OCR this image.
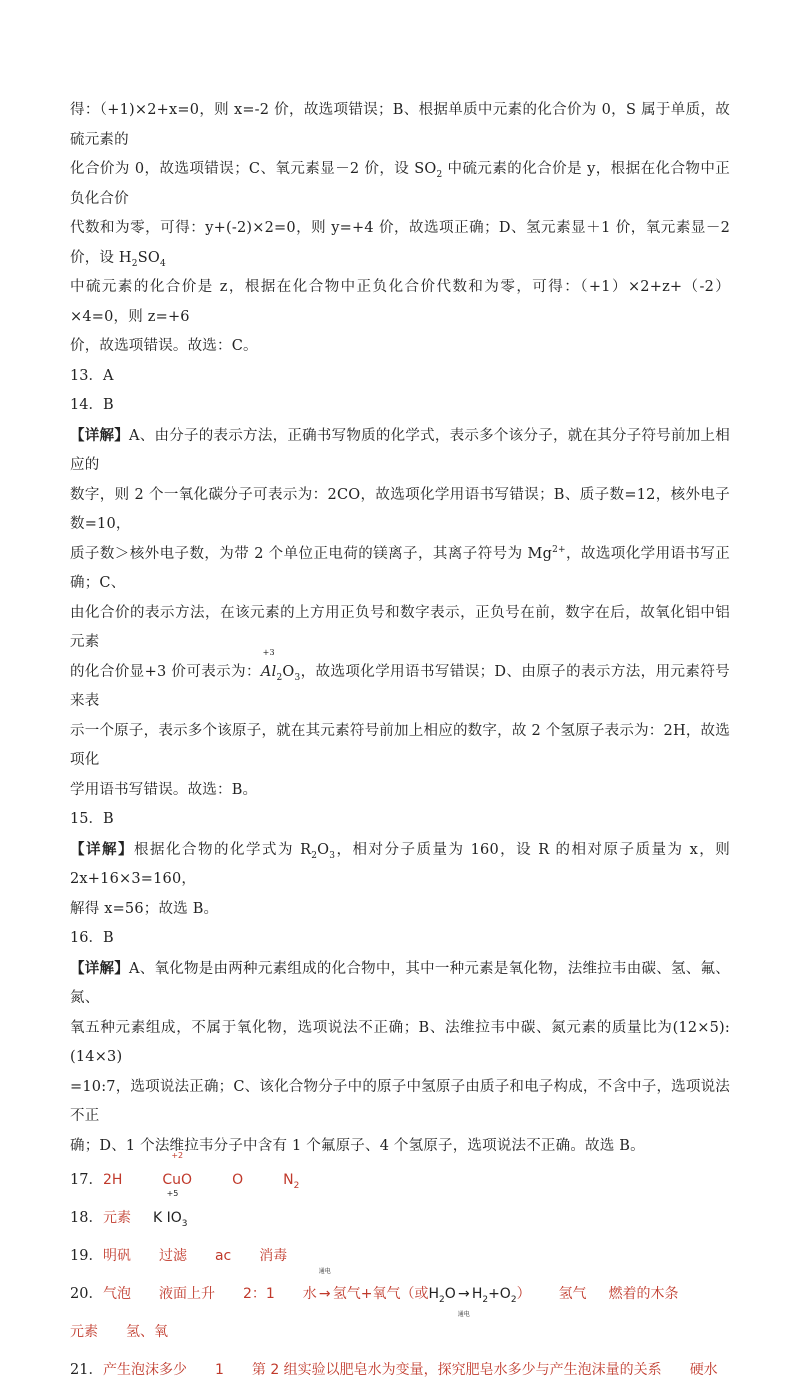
得：（+1)×2+x=0，则 x=-2 价，故选项错误；B、根据单质中元素的化合价为 0，S 属于单质，故硫元素的
化合价为 0，故选项错误；C、氧元素显－2 价，设 $SO_2$ 中硫元素的化合价是 y，根据在化合物中正负化合价
代数和为零，可得：y+(-2)×2=0，则 y=+4 价，故选项正确；D、氢元素显＋1 价，氧元素显－2 价，设 $H_2SO_4$
中硫元素的化合价是 z，根据在化合物中正负化合价代数和为零，可得：（+1）×2+z+（-2）×4=0，则 z=+6
价，故选项错误。故选：C。

13．A

14．B

【详解】A、由分子的表示方法，正确书写物质的化学式，表示多个该分子，就在其分子符号前加上相应的
数字，则 2 个一氧化碳分子可表示为：2CO，故选项化学用语书写错误；B、质子数=12，核外电子数=10，
质子数＞核外电子数，为带 2 个单位正电荷的镁离子，其离子符号为 $Mg^{2+}$，故选项化学用语书写正确；C、
由化合价的表示方法，在该元素的上方用正负号和数字表示，正负号在前，数字在后，故氧化铝中铝元素
的化合价显+3 价可表示为：
+3
$Al_2O_3$，故选项化学用语书写错误；D、由原子的表示方法，用元素符号来表
示一个原子，表示多个该原子，就在其元素符号前加上相应的数字，故 2 个氢原子表示为：2H，故选项化
学用语书写错误。故选：B。

15．B

【详解】根据化合物的化学式为 $R_2O_3$，相对分子质量为 160，设 R 的相对原子质量为 x，则 2x+16×3=160，
解得 x=56；故选 B。

16．B

【详解】A、氧化物是由两种元素组成的化合物中，其中一种元素是氧化物，法维拉韦由碳、氢、氟、氮、
氧五种元素组成，不属于氧化物，选项说法不正确；B、法维拉韦中碳、氮元素的质量比为(12×5):(14×3)
=10:7，选项说法正确；C、该化合物分子中的原子中氢原子由质子和电子构成，不含中子，选项说法不正
确；D、1 个法维拉韦分子中含有 1 个氟原子、4 个氢原子，选项说法不正确。故选 B。

17． 2H
+2
CuO	O	$N_2$
18． 元素 K
+5
$IO_3$
19． 明矾 过滤 ac 消毒
20． 气泡 液面上升 2：1 水
通电
→ 氢气+氧气（或$H_2O$ →
通电
$H_2+O_2$） 氢气 燃着的木条
元素 氢、氧
21． 产生泡沫多少 1 第 2 组实验以肥皂水为变量，探究肥皂水多少与产生泡沫量的关系 硬水
